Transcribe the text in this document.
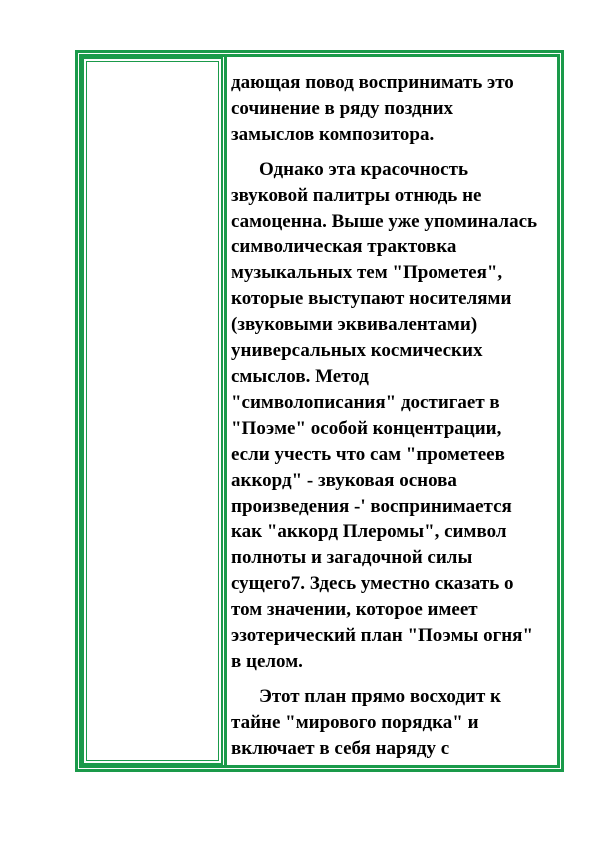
дающая повод воспринимать это
сочинение в ряду поздних
замыслов композитора.

Однако эта красочность
звуковой палитры отнюдь не
самоценна. Выше уже упоминалась
символическая трактовка
музыкальных тем "Прометея",
которые выступают носителями
(звуковыми эквивалентами)
универсальных космических
смыслов. Метод
"символописания" достигает в
"Поэме" особой концентрации,
если учесть что сам "прометеев
аккорд" - звуковая основа
произведения -' воспринимается
как "аккорд Плеромы", символ
полноты и загадочной силы
сущего7. Здесь уместно сказать о
том значении, которое имеет
эзотерический план "Поэмы огня"
в целом.

Этот план прямо восходит к
тайне "мирового порядка" и
включает в себя наряду с
